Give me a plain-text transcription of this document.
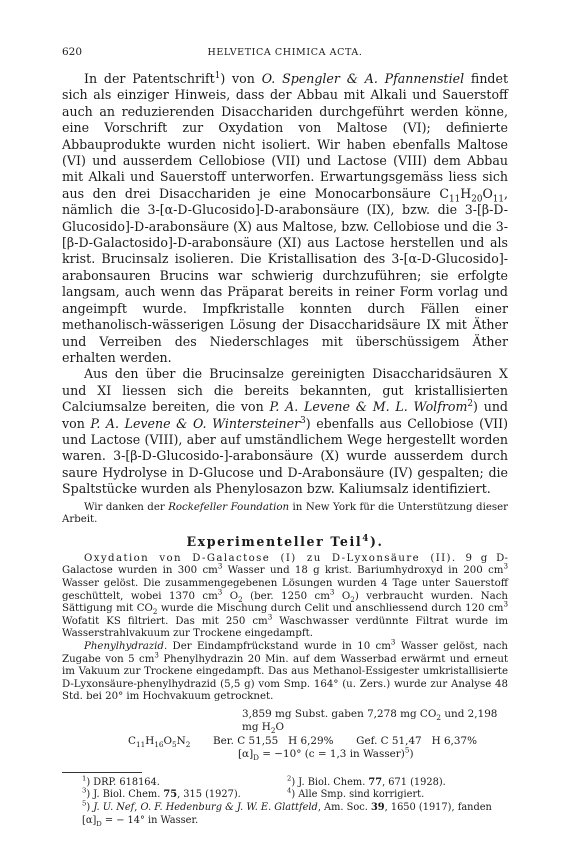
620	HELVETICA CHIMICA ACTA.

In der Patentschrift$^1$) von O. Spengler & A. Pfannenstiel findet sich als einziger Hinweis, dass der Abbau mit Alkali und Sauerstoff auch an reduzierenden Disacchariden durchgeführt werden könne, eine Vorschrift zur Oxydation von Maltose (VI); definierte Abbauprodukte wurden nicht isoliert. Wir haben ebenfalls Maltose (VI) und ausserdem Cellobiose (VII) und Lactose (VIII) dem Abbau mit Alkali und Sauerstoff unterworfen. Erwartungsgemäss liess sich aus den drei Disacchariden je eine Monocarbonsäure $C_{11}H_{20}O_{11}$, nämlich die 3-[α-D-Glucosido]-D-arabonsäure (IX), bzw. die 3-[β-D-Glucosido]-D-arabonsäure (X) aus Maltose, bzw. Cellobiose und die 3-[β-D-Galactosido]-D-arabonsäure (XI) aus Lactose herstellen und als krist. Brucinsalz isolieren. Die Kristallisation des 3-[α-D-Glucosido]-arabonsauren Brucins war schwierig durchzuführen; sie erfolgte langsam, auch wenn das Präparat bereits in reiner Form vorlag und angeimpft wurde. Impfkristalle konnten durch Fällen einer methanolisch-wässerigen Lösung der Disaccharidsäure IX mit Äther und Verreiben des Niederschlages mit überschüssigem Äther erhalten werden.

Aus den über die Brucinsalze gereinigten Disaccharidsäuren X und XI liessen sich die bereits bekannten, gut kristallisierten Calciumsalze bereiten, die von P. A. Levene & M. L. Wolfrom$^2$) und von P. A. Levene & O. Wintersteiner$^3$) ebenfalls aus Cellobiose (VII) und Lactose (VIII), aber auf umständlichem Wege hergestellt worden waren. 3-[β-D-Glucosido-]-arabonsäure (X) wurde ausserdem durch saure Hydrolyse in D-Glucose und D-Arabonsäure (IV) gespalten; die Spaltstücke wurden als Phenylosazon bzw. Kaliumsalz identifiziert.

Wir danken der Rockefeller Foundation in New York für die Unterstützung dieser Arbeit.

Experimenteller Teil$^4$).

Oxydation von D-Galactose (I) zu D-Lyxonsäure (II). 9 g D-Galactose wurden in 300 $cm^3$ Wasser und 18 g krist. Bariumhydroxyd in 200 $cm^3$ Wasser gelöst. Die zusammengegebenen Lösungen wurden 4 Tage unter Sauerstoff geschüttelt, wobei 1370 $cm^3$ $O_2$ (ber. 1250 $cm^3$ $O_2$) verbraucht wurden. Nach Sättigung mit $CO_2$ wurde die Mischung durch Celit und anschliessend durch 120 $cm^3$ Wofatit KS filtriert. Das mit 250 $cm^3$ Waschwasser verdünnte Filtrat wurde im Wasserstrahlvakuum zur Trockene eingedampft.

Phenylhydrazid. Der Eindampfrückstand wurde in 10 $cm^3$ Wasser gelöst, nach Zugabe von 5 $cm^3$ Phenylhydrazin 20 Min. auf dem Wasserbad erwärmt und erneut im Vakuum zur Trockene eingedampft. Das aus Methanol-Essigester umkristallisierte D-Lyxonsäure-phenylhydrazid (5,5 g) vom Smp. 164° (u. Zers.) wurde zur Analyse 48 Std. bei 20° im Hochvakuum getrocknet.

3,859 mg Subst. gaben 7,278 mg $CO_2$ und 2,198 mg $H_2O$
$C_{11}H_{16}O_5N_2$ Ber. C 51,55   H 6,29% Gef. C 51,47   H 6,37%
$[\alpha]_D = -10^\circ$ (c = 1,3 in Wasser)$^5$)
$^1$) DRP. 618164.	$^2$) J. Biol. Chem. 77, 671 (1928).
$^3$) J. Biol. Chem. 75, 315 (1927).	$^4$) Alle Smp. sind korrigiert.
$^5$) J. U. Nef, O. F. Hedenburg & J. W. E. Glattfeld, Am. Soc. 39, 1650 (1917), fanden $[\alpha]_D$ = − 14° in Wasser.
